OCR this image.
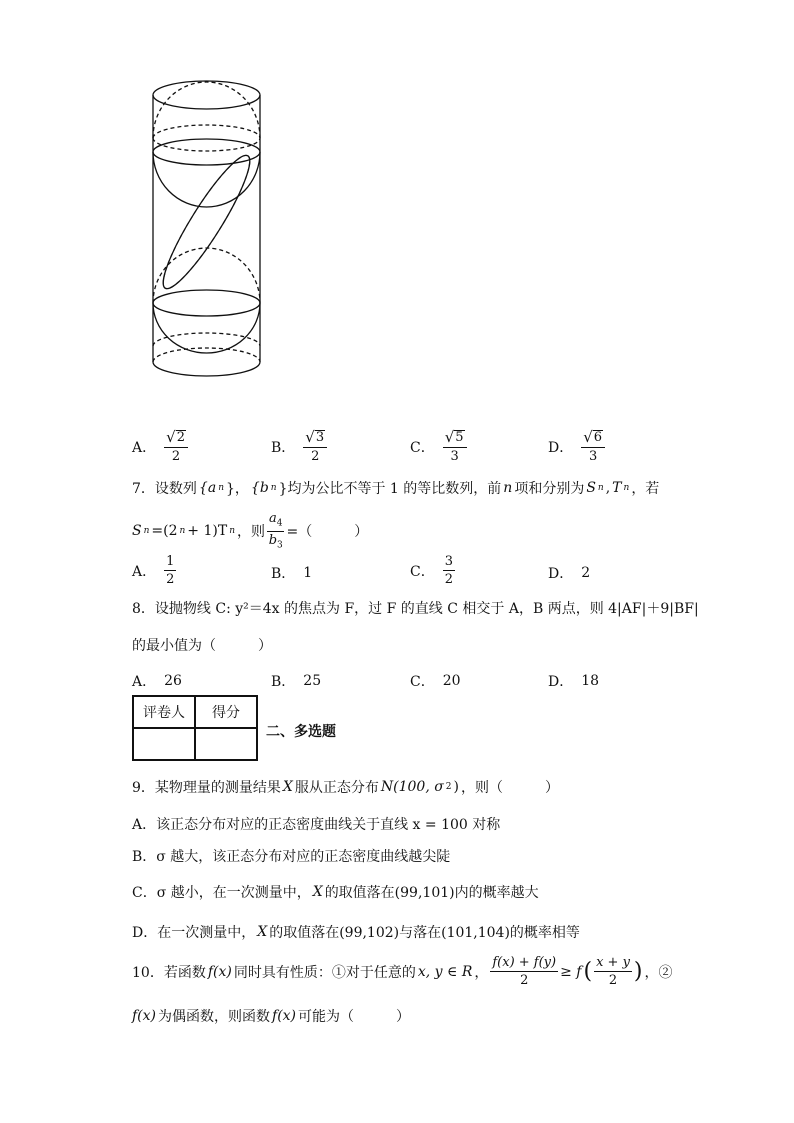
A． $\frac{√ 2}{2}$	B． $\frac{√ 3}{2}$	C． $\frac{√ 5}{3}$	D． $\frac{√ 6}{3}$
7．设数列 {a n }， {b n }均为公比不等于 1 的等比数列，前 n 项和分别为 S n , T n ，若
S n =(2 n + 1)T n ，则 $\frac{a_4}{b_3}$ =（　　　）
A． $\frac{1}{2}$	B． 1	C． $\frac{3}{2}$	D． 2
8．设抛物线 C: y²＝4x 的焦点为 F，过 F 的直线 C 相交于 A，B 两点，则 4|AF|＋9|BF|
的最小值为（　　　）
A． 26	B． 25	C． 20	D． 18
评卷人	得分

二、多选题
9．某物理量的测量结果 X 服从正态分布 N(100, σ 2 ) ，则（　　　）
A．该正态分布对应的正态密度曲线关于直线 x = 100 对称
B．σ 越大，该正态分布对应的正态密度曲线越尖陡
C．σ 越小，在一次测量中， X 的取值落在(99,101)内的概率越大
D．在一次测量中， X 的取值落在(99,102)与落在(101,104)的概率相等
10．若函数 f(x) 同时具有性质：①对于任意的 x, y ∈ R ， $\frac{f(x) + f(y)}{2} \ge f$ ( $\frac{x + y}{2}$ ) ，②
f(x) 为偶函数，则函数 f(x) 可能为（　　　）
